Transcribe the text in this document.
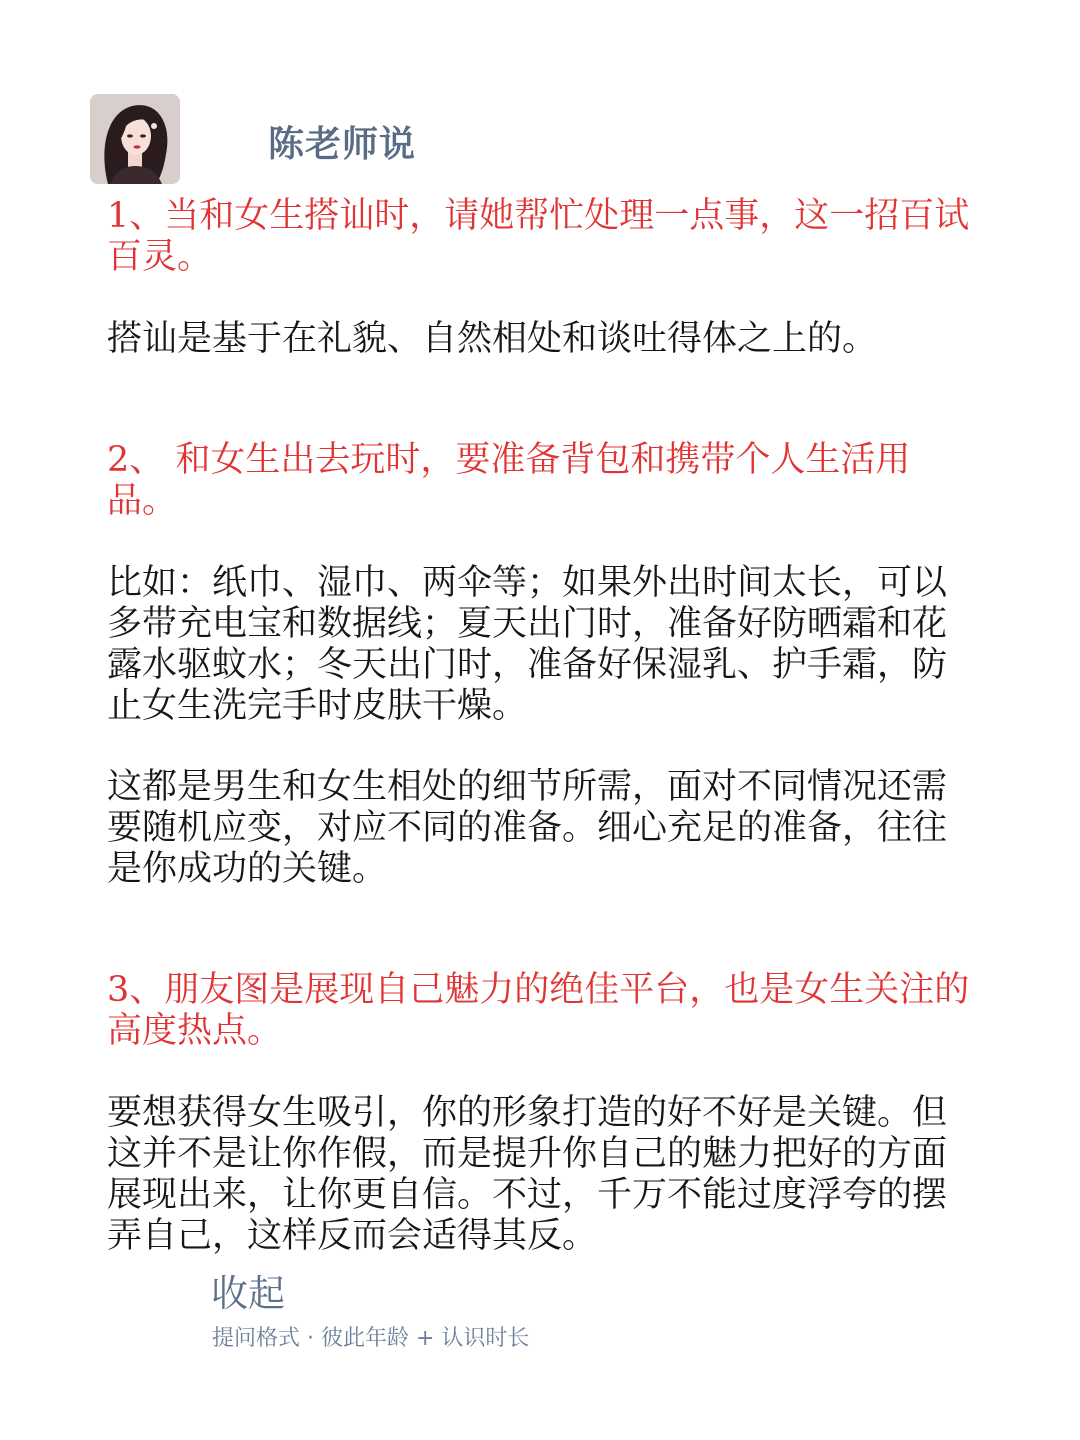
陈老师说
1、当和女生搭讪时，请她帮忙处理一点事，这一招百试百灵。

搭讪是基于在礼貌、自然相处和谈吐得体之上的。

2、 和女生出去玩时，要准备背包和携带个人生活用品。

比如：纸巾、湿巾、两伞等；如果外出时间太长，可以多带充电宝和数据线；夏天出门时，准备好防晒霜和花露水驱蚊水；冬天出门时，准备好保湿乳、护手霜，防止女生洗完手时皮肤干燥。

这都是男生和女生相处的细节所需，面对不同情况还需要随机应变，对应不同的准备。细心充足的准备，往往是你成功的关键。

3、朋友图是展现自己魅力的绝佳平台，也是女生关注的高度热点。

要想获得女生吸引，你的形象打造的好不好是关键。但这并不是让你作假，而是提升你自己的魅力把好的方面展现出来，让你更自信。不过，千万不能过度浮夸的摆弄自己，这样反而会适得其反。

收起
提问格式 · 彼此年龄 + 认识时长
